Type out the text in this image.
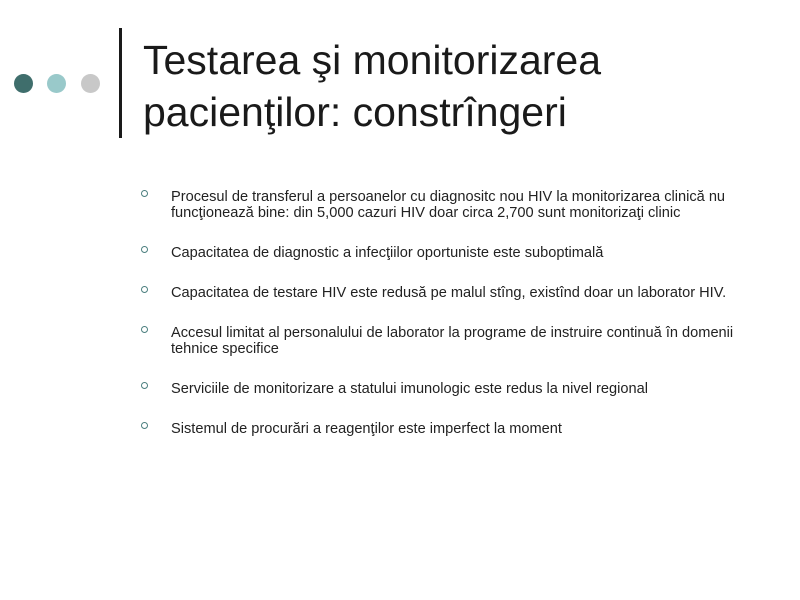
Testarea şi monitorizarea
pacienţilor: constrîngeri
Procesul de transferul a persoanelor cu diagnositc nou HIV la monitorizarea clinică nu funcţionează bine: din 5,000 cazuri HIV doar circa 2,700 sunt monitorizaţi clinic
Capacitatea de diagnostic a infecţiilor oportuniste este suboptimală
Capacitatea de testare HIV este redusă pe malul stîng, existînd doar un laborator HIV.
Accesul limitat al personalului de laborator la programe de instruire continuă în domenii tehnice specifice
Serviciile de monitorizare a statului imunologic este redus la nivel regional
Sistemul de procurări a reagenţilor este imperfect la moment
